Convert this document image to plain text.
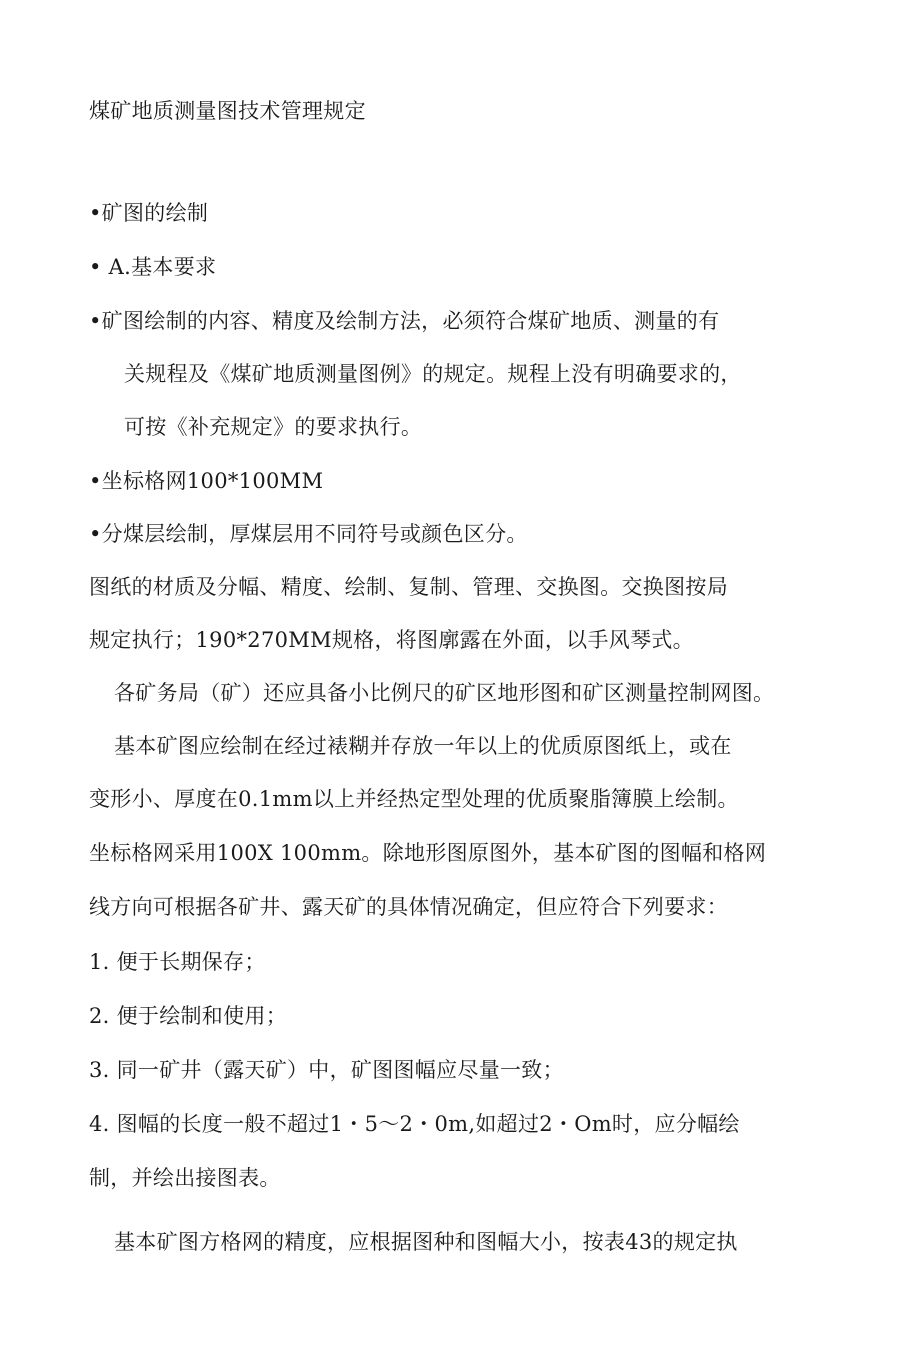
煤矿地质测量图技术管理规定
•矿图的绘制
• A.基本要求
•矿图绘制的内容、精度及绘制方法，必须符合煤矿地质、测量的有
关规程及《煤矿地质测量图例》的规定。规程上没有明确要求的，
可按《补充规定》的要求执行。
•坐标格网100*100MM
•分煤层绘制，厚煤层用不同符号或颜色区分。
图纸的材质及分幅、精度、绘制、复制、管理、交换图。交换图按局
规定执行；190*270MM规格，将图廓露在外面，以手风琴式。
各矿务局（矿）还应具备小比例尺的矿区地形图和矿区测量控制网图。
基本矿图应绘制在经过裱糊并存放一年以上的优质原图纸上，或在
变形小、厚度在0.1mm以上并经热定型处理的优质聚脂簿膜上绘制。
坐标格网采用100X 100mm。除地形图原图外，基本矿图的图幅和格网
线方向可根据各矿井、露天矿的具体情况确定，但应符合下列要求：
1. 便于长期保存；
2. 便于绘制和使用；
3. 同一矿井（露天矿）中，矿图图幅应尽量一致；
4. 图幅的长度一般不超过1・5～2・0m,如超过2・Om时，应分幅绘
制，并绘出接图表。
基本矿图方格网的精度，应根据图种和图幅大小，按表43的规定执
